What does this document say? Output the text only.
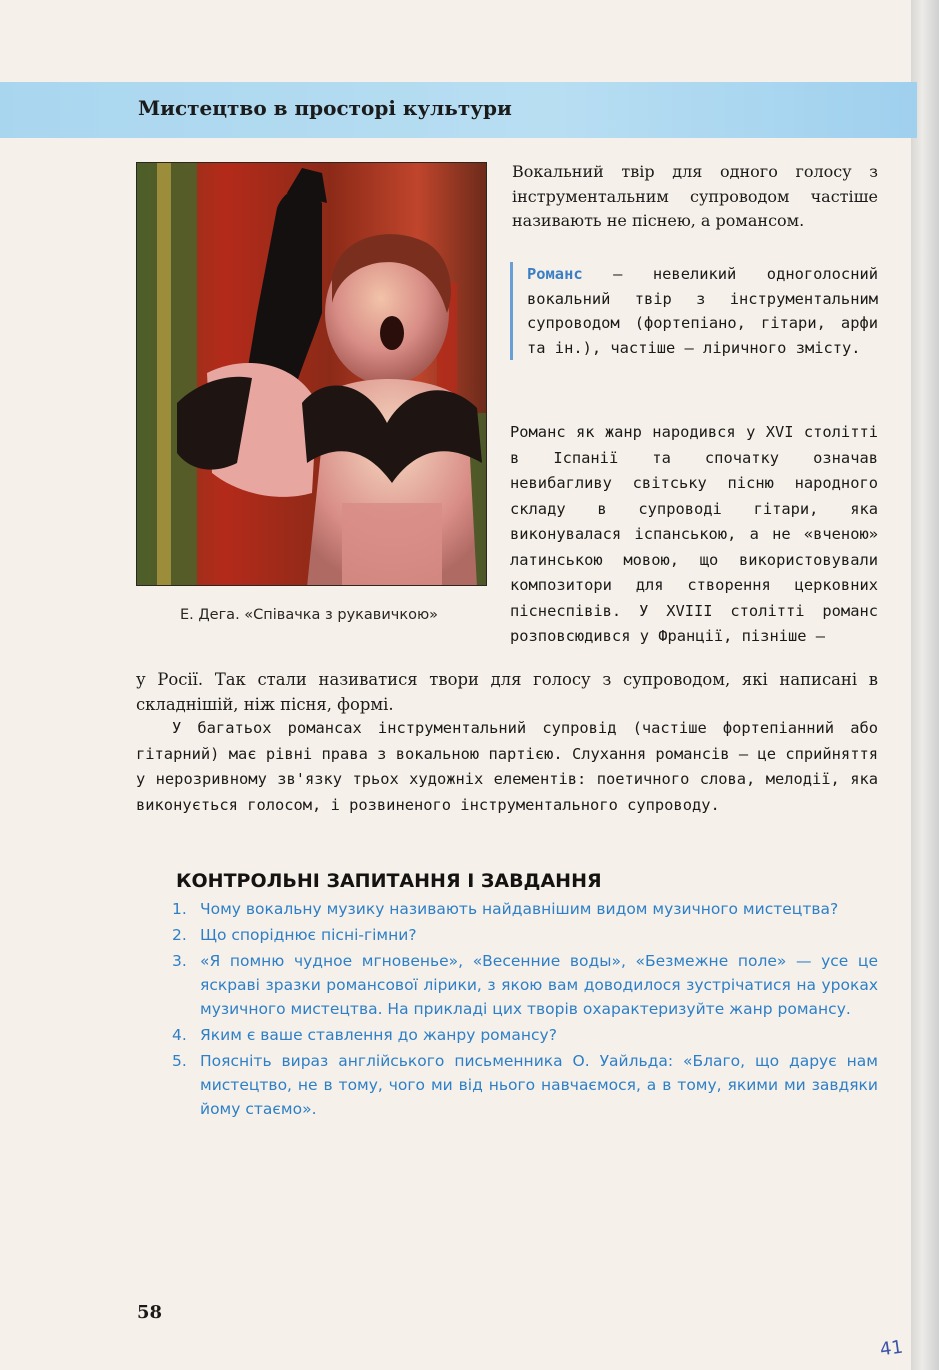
Мистецтво в просторі культури
Е. Дега. «Співачка з рукавичкою»

Вокальний твір для одного голосу з інструментальним супроводом частіше називають не піснею, а романсом.

Романс — невеликий одноголосний вокальний твір з інструментальним супроводом (фортепіано, гітари, арфи та ін.), частіше — ліричного змісту.

Романс як жанр народився у XVI столітті в Іспанії та спочатку означав невибагливу світську пісню народного складу в супроводі гітари, яка виконувалася іспанською, а не «вченою» латинською мовою, що використовували композитори для створення церковних піснеспівів. У XVIII столітті романс розповсюдився у Франції, пізніше —

у Росії. Так стали називатися твори для голосу з супроводом, які написані в складнішій, ніж пісня, формі.

У багатьох романсах інструментальний супровід (частіше фортепіанний або гітарний) має рівні права з вокальною партією. Слухання романсів — це сприйняття у нерозривному зв'язку трьох художніх елементів: поетичного слова, мелодії, яка виконується голосом, і розвиненого інструментального супроводу.

КОНТРОЛЬНІ ЗАПИТАННЯ І ЗАВДАННЯ
1. Чому вокальну музику називають найдавнішим видом музичного мистецтва?
2. Що споріднює пісні-гімни?
3. «Я помню чудное мгновенье», «Весенние воды», «Безмежне поле» — усе це яскраві зразки романсової лірики, з якою вам доводилося зустрічатися на уроках музичного мистецтва. На прикладі цих творів охарактеризуйте жанр романсу.
4. Яким є ваше ставлення до жанру романсу?
5. Поясніть вираз англійського письменника О. Уайльда: «Благо, що дарує нам мистецтво, не в тому, чого ми від нього навчаємося, а в тому, якими ми завдяки йому стаємо».
58
41
